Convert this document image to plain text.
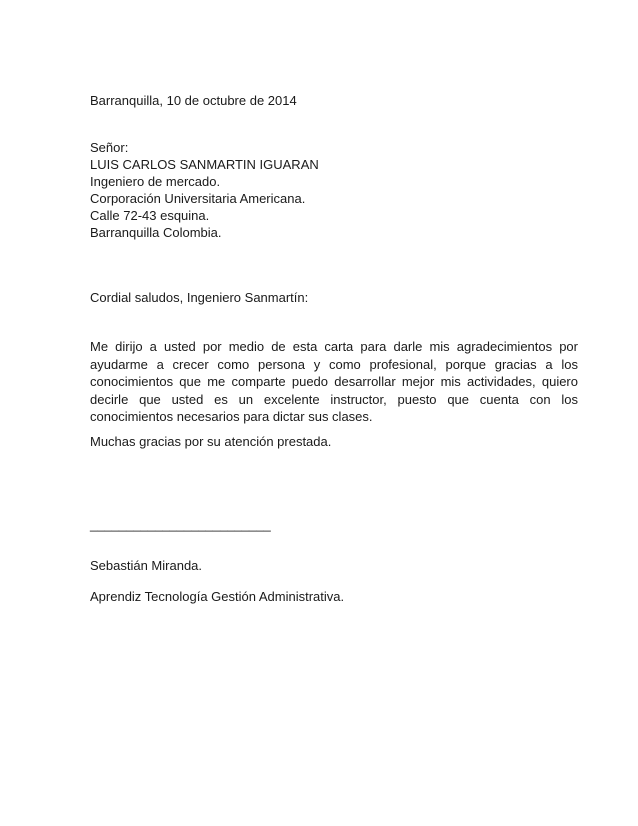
Barranquilla, 10 de octubre de 2014
Señor:
LUIS CARLOS SANMARTIN IGUARAN
Ingeniero de mercado.
Corporación Universitaria Americana.
Calle 72-43 esquina.
Barranquilla Colombia.
Cordial saludos, Ingeniero Sanmartín:
Me dirijo a usted por medio de esta carta para darle mis agradecimientos por ayudarme a crecer como persona y como profesional, porque gracias a los conocimientos que me comparte puedo desarrollar mejor mis actividades, quiero decirle que usted es un excelente instructor, puesto que cuenta con los conocimientos necesarios para dictar sus clases.
Muchas gracias por su atención prestada.
_________________________
Sebastián Miranda.
Aprendiz Tecnología Gestión Administrativa.
